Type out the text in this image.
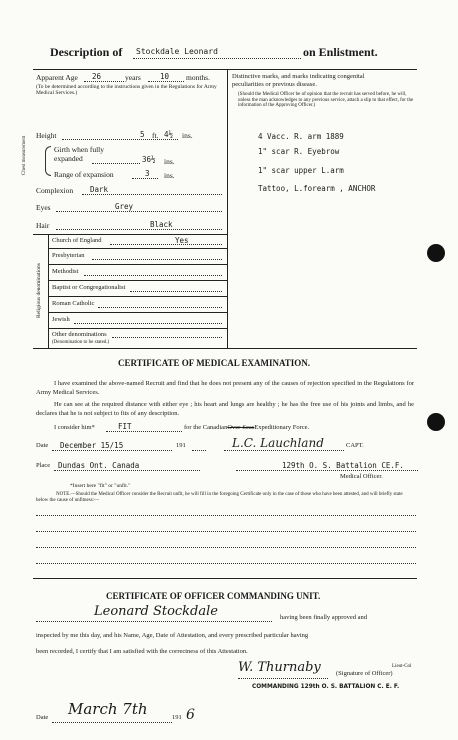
Description of Stockdale Leonard	on Enlistment.
Apparent Age 26	years	10 months.
(To be determined according to the instructions given in the Regulations for Army Medical Services.)
Distinctive marks, and marks indicating congenital
peculiarities or previous disease.
(Should the Medical Officer be of opinion that the recruit has served before, he will, unless the man acknowledges to any previous service, attach a slip to that effect, for the information of the Approving Officer.)
4 Vacc. R. arm 1889
1" scar R. Eyebrow
1" scar upper L.arm
Tattoo, L.forearm , ANCHOR
Height	5 ft. 4½ ins.
Chest measurement	Girth when fully expanded	36½ ins.
Range of expansion	3 ins.
Complexion Dark
Eyes	Grey
Hair	Black
Religious denominations
Church of England	Yes
Presbyterian
Methodist
Baptist or Congregationalist
Roman Catholic
Jewish
Other denominations
(Denomination to be stated.)
CERTIFICATE OF MEDICAL EXAMINATION.
I have examined the above-named Recruit and find that he does not present any of the causes of rejection specified in the Regulations for Army Medical Services.
He can see at the required distance with either eye ; his heart and lungs are healthy ; he has the free use of his joints and limbs, and he declares that he is not subject to fits of any description.
I consider him*	FIT	for the CanadianOver-SeasExpeditionary Force.
Date December 15/15	191	L.C. Lauchland	CAPT.
Place Dundas Ont. Canada	129th O. S. Battalion CE.F.
Medical Officer.
*Insert here "fit" or "unfit."
NOTE.—Should the Medical Officer consider the Recruit unfit, he will fill in the foregoing Certificate only in the case of those who have been attested, and will briefly state below the cause of unfitness:—
CERTIFICATE OF OFFICER COMMANDING UNIT.
Leonard Stockdale	having been finally approved and
inspected by me this day, and his Name, Age, Date of Attestation, and every prescribed particular having
been recorded, I certify that I am satisfied with the correctness of this Attestation.
W. Thurnaby (Signature of Officer)
Lieut-Col
COMMANDING 129th O. S. BATTALION C. E. F.
Date March 7th	191 6
